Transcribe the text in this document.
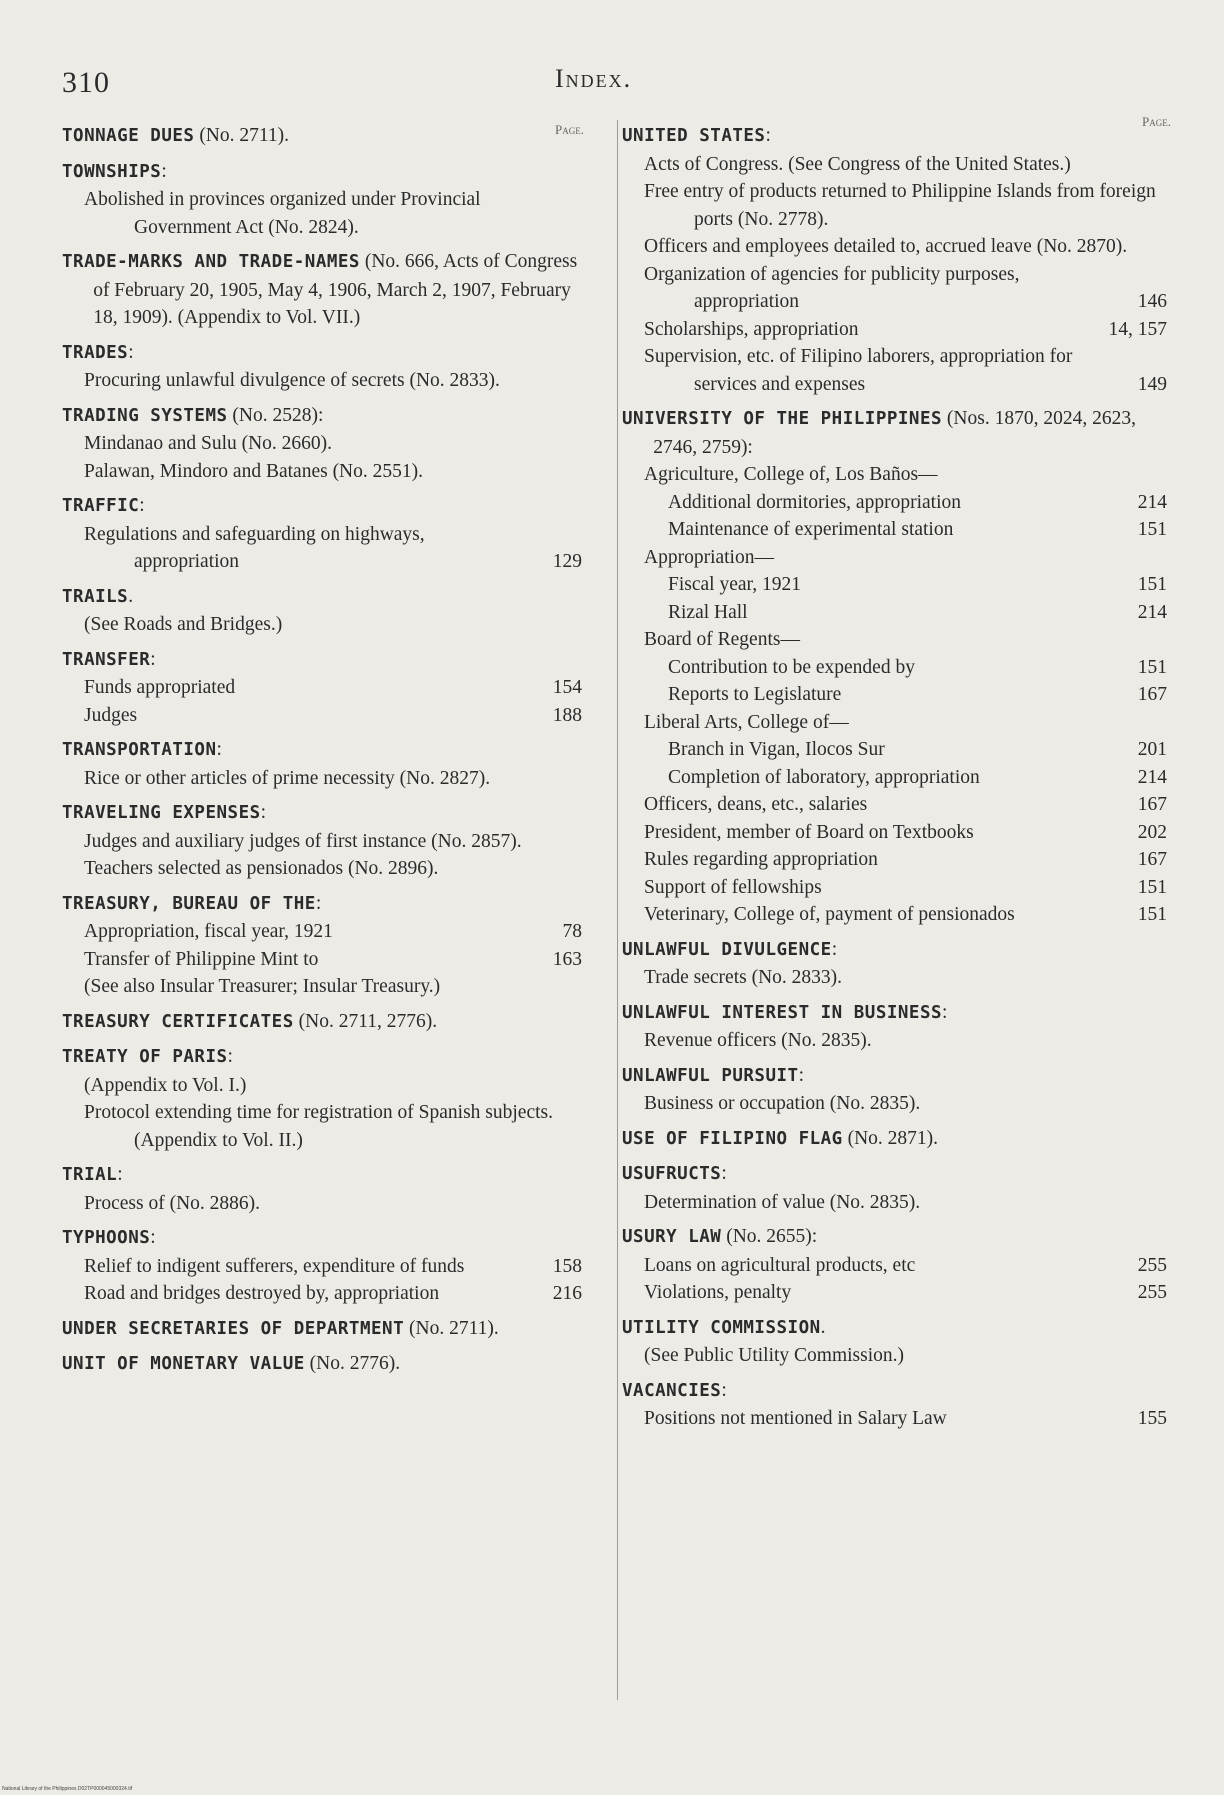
310	Index.
Page.
TONNAGE DUES (No. 2711).
TOWNSHIPS:
Abolished in provinces organized under Provincial Government Act (No. 2824).
TRADE-MARKS AND TRADE-NAMES (No. 666, Acts of Congress of February 20, 1905, May 4, 1906, March 2, 1907, February 18, 1909). (Appendix to Vol. VII.)
TRADES:
Procuring unlawful divulgence of secrets (No. 2833).
TRADING SYSTEMS (No. 2528):
Mindanao and Sulu (No. 2660).
Palawan, Mindoro and Batanes (No. 2551).
TRAFFIC:
Regulations and safeguarding on highways, appropriation	129
TRAILS.
(See Roads and Bridges.)
TRANSFER:
Funds appropriated	154
Judges	188
TRANSPORTATION:
Rice or other articles of prime necessity (No. 2827).
TRAVELING EXPENSES:
Judges and auxiliary judges of first instance (No. 2857).
Teachers selected as pensionados (No. 2896).
TREASURY, BUREAU OF THE:
Appropriation, fiscal year, 1921	78
Transfer of Philippine Mint to	163
(See also Insular Treasurer; Insular Treasury.)
TREASURY CERTIFICATES (No. 2711, 2776).
TREATY OF PARIS:
(Appendix to Vol. I.)
Protocol extending time for registration of Spanish subjects. (Appendix to Vol. II.)
TRIAL:
Process of (No. 2886).
TYPHOONS:
Relief to indigent sufferers, expenditure of funds	158
Road and bridges destroyed by, appropriation	216
UNDER SECRETARIES OF DEPARTMENT (No. 2711).
UNIT OF MONETARY VALUE (No. 2776).
Page.
UNITED STATES:
Acts of Congress. (See Congress of the United States.)
Free entry of products returned to Philippine Islands from foreign ports (No. 2778).
Officers and employees detailed to, accrued leave (No. 2870).
Organization of agencies for publicity purposes, appropriation	146
Scholarships, appropriation	14, 157
Supervision, etc. of Filipino laborers, appropriation for services and expenses	149
UNIVERSITY OF THE PHILIPPINES (Nos. 1870, 2024, 2623, 2746, 2759):
Agriculture, College of, Los Baños—
Additional dormitories, appropriation	214
Maintenance of experimental station	151
Appropriation—
Fiscal year, 1921	151
Rizal Hall	214
Board of Regents—
Contribution to be expended by	151
Reports to Legislature	167
Liberal Arts, College of—
Branch in Vigan, Ilocos Sur	201
Completion of laboratory, appropriation	214
Officers, deans, etc., salaries	167
President, member of Board on Textbooks	202
Rules regarding appropriation	167
Support of fellowships	151
Veterinary, College of, payment of pensionados	151
UNLAWFUL DIVULGENCE:
Trade secrets (No. 2833).
UNLAWFUL INTEREST IN BUSINESS:
Revenue officers (No. 2835).
UNLAWFUL PURSUIT:
Business or occupation (No. 2835).
USE OF FILIPINO FLAG (No. 2871).
USUFRUCTS:
Determination of value (No. 2835).
USURY LAW (No. 2655):
Loans on agricultural products, etc	255
Violations, penalty	255
UTILITY COMMISSION.
(See Public Utility Commission.)
VACANCIES:
Positions not mentioned in Salary Law	155
National Library of the Philippines D02TP000045000324.tif
